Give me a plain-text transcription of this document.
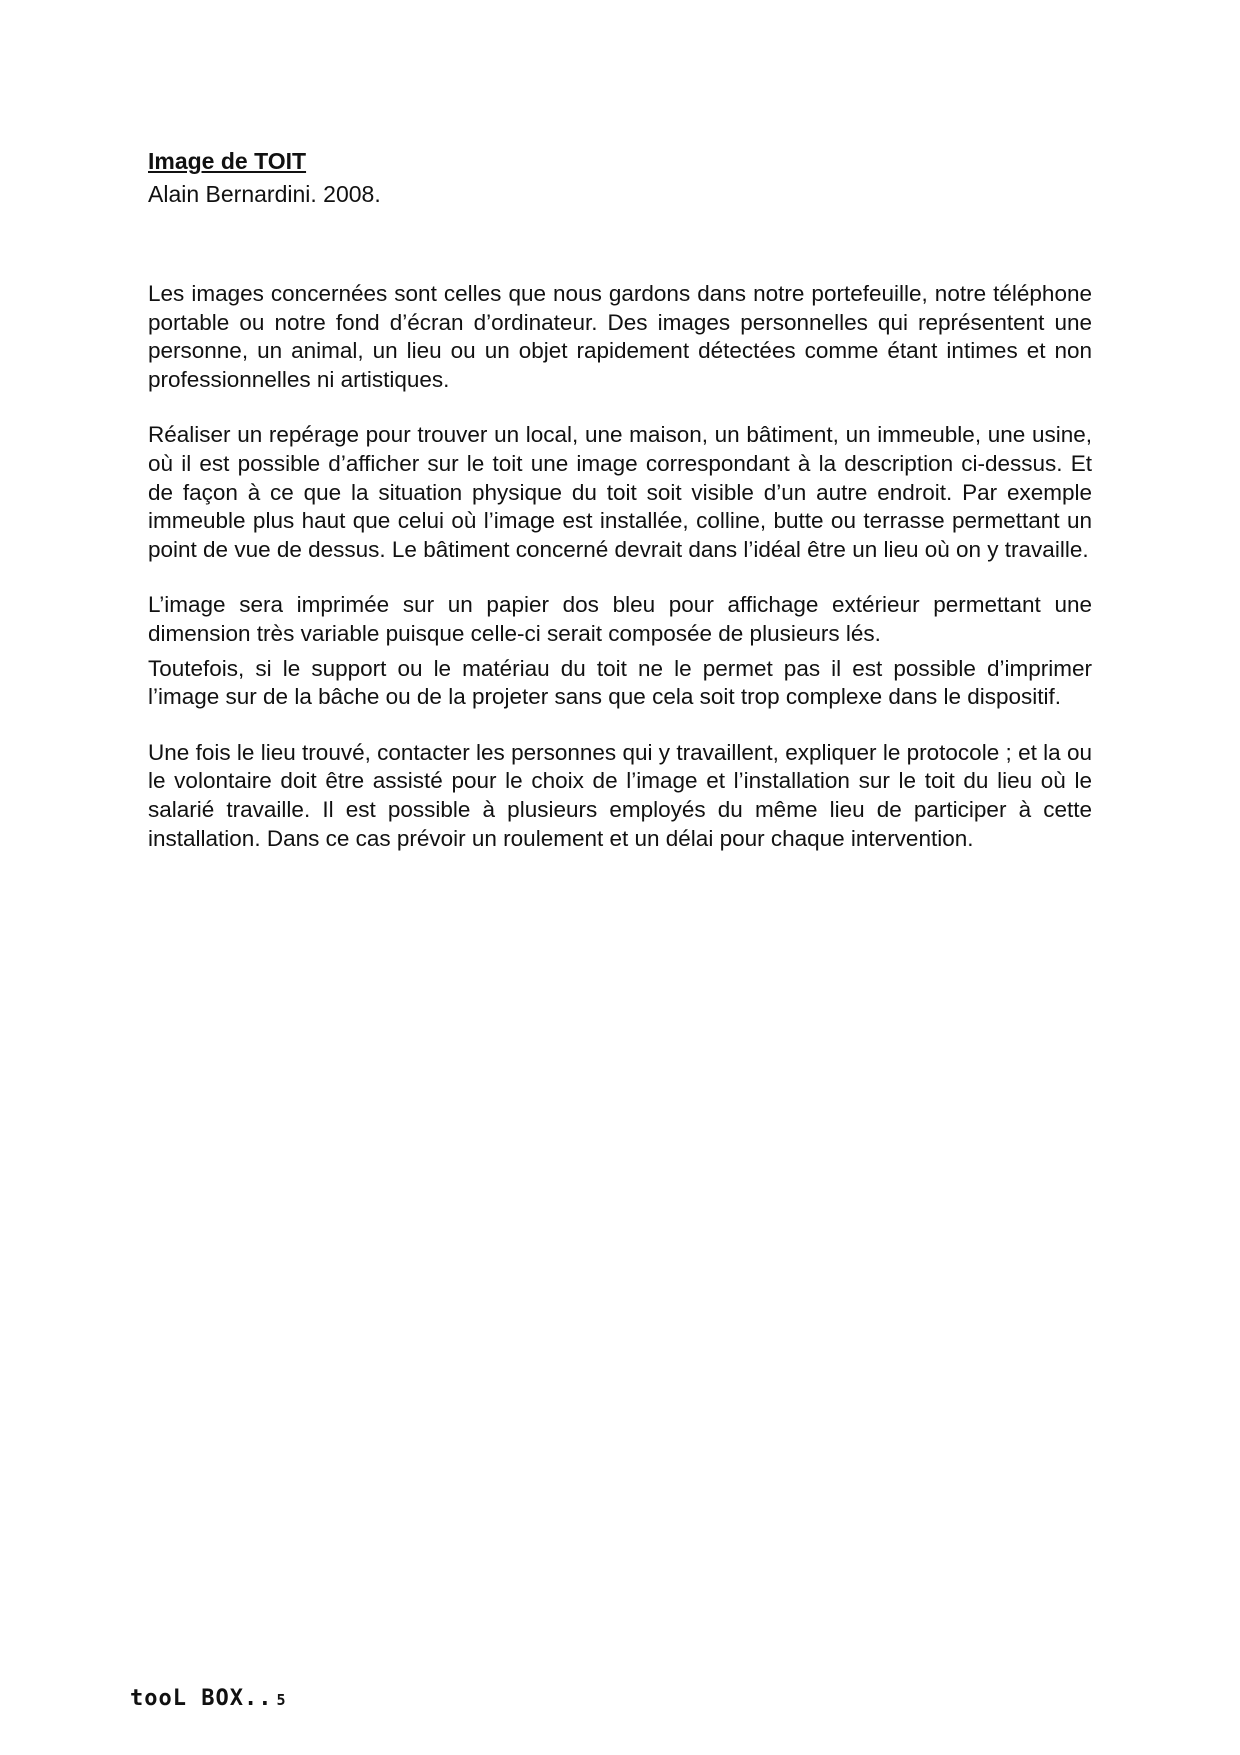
Image de TOIT

Alain Bernardini. 2008.

Les images concernées sont celles que nous gardons dans notre portefeuille, notre téléphone portable ou notre fond d’écran d’ordinateur. Des images personnelles qui représentent une personne, un animal, un lieu ou un objet rapidement détectées comme étant intimes et non professionnelles ni artistiques.

Réaliser un repérage pour trouver un local, une maison, un bâtiment, un immeuble, une usine, où il est possible d’afficher sur le toit une image correspondant à la description ci-dessus. Et de façon à ce que la situation physique du toit soit visible d’un autre endroit. Par exemple immeuble plus haut que celui où l’image est installée, colline, butte ou terrasse permettant un point de vue de dessus. Le bâtiment concerné devrait dans l’idéal être un lieu où on y travaille.

L’image sera imprimée sur un papier dos bleu pour affichage extérieur permettant une dimension très variable puisque celle-ci serait composée de plusieurs lés.

Toutefois, si le support ou le matériau du toit ne le permet pas il est possible d’imprimer l’image sur de la bâche ou de la projeter sans que cela soit trop complexe dans le dispositif.

Une fois le lieu trouvé, contacter les personnes qui y travaillent, expliquer le protocole ; et la ou le volontaire doit être assisté pour le choix de l’image et l’installation sur le toit du lieu où le salarié travaille. Il est possible à plusieurs employés du même lieu de participer à cette installation. Dans ce cas prévoir un roulement et un délai pour chaque intervention.

tooL BOX.. 5
